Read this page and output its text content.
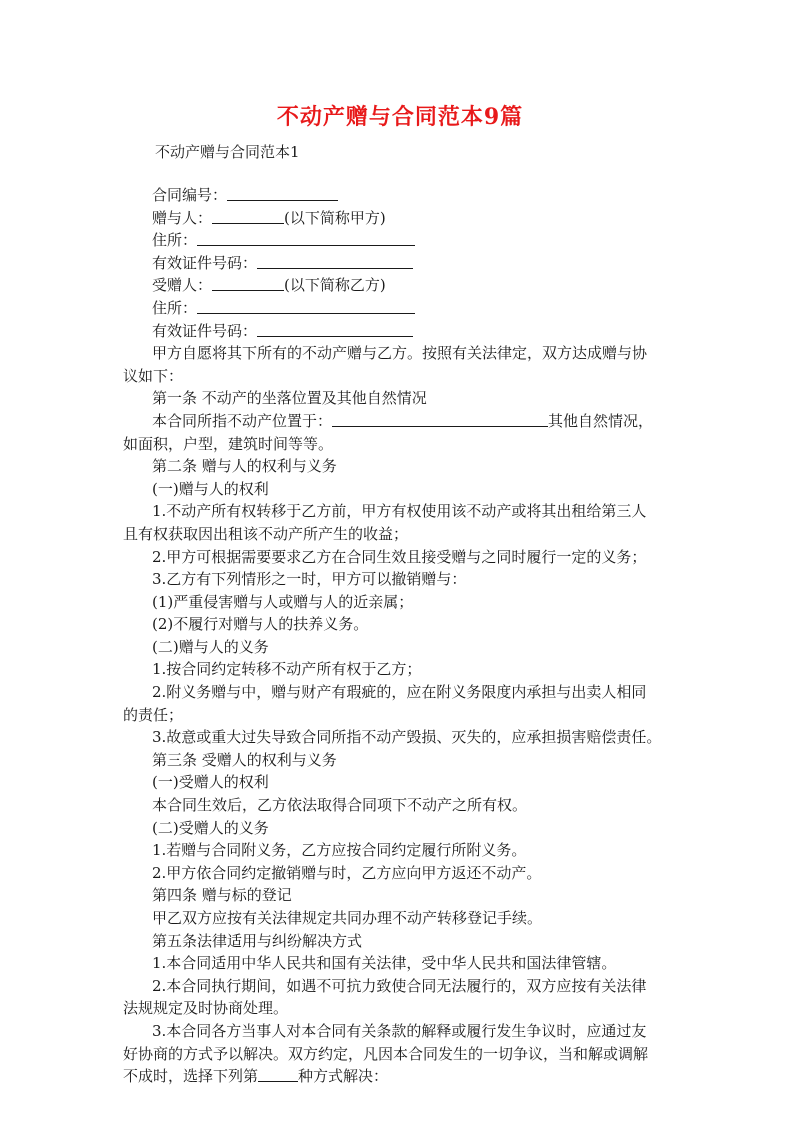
不动产赠与合同范本9篇
不动产赠与合同范本1
合同编号：
赠与人：	(以下简称甲方)
住所：
有效证件号码：
受赠人：	(以下简称乙方)
住所：
有效证件号码：
甲方自愿将其下所有的不动产赠与乙方。按照有关法律定，双方达成赠与协
议如下：
第一条 不动产的坐落位置及其他自然情况
本合同所指不动产位置于：	其他自然情况，
如面积，户型，建筑时间等等。
第二条 赠与人的权利与义务
(一)赠与人的权利
1.不动产所有权转移于乙方前，甲方有权使用该不动产或将其出租给第三人
且有权获取因出租该不动产所产生的收益；
2.甲方可根据需要要求乙方在合同生效且接受赠与之同时履行一定的义务；
3.乙方有下列情形之一时，甲方可以撤销赠与：
(1)严重侵害赠与人或赠与人的近亲属；
(2)不履行对赠与人的扶养义务。
(二)赠与人的义务
1.按合同约定转移不动产所有权于乙方；
2.附义务赠与中，赠与财产有瑕疵的，应在附义务限度内承担与出卖人相同
的责任；
3.故意或重大过失导致合同所指不动产毁损、灭失的，应承担损害赔偿责任。
第三条 受赠人的权利与义务
(一)受赠人的权利
本合同生效后，乙方依法取得合同项下不动产之所有权。
(二)受赠人的义务
1.若赠与合同附义务，乙方应按合同约定履行所附义务。
2.甲方依合同约定撤销赠与时，乙方应向甲方返还不动产。
第四条 赠与标的登记
甲乙双方应按有关法律规定共同办理不动产转移登记手续。
第五条法律适用与纠纷解决方式
1.本合同适用中华人民共和国有关法律，受中华人民共和国法律管辖。
2.本合同执行期间，如遇不可抗力致使合同无法履行的，双方应按有关法律
法规规定及时协商处理。
3.本合同各方当事人对本合同有关条款的解释或履行发生争议时，应通过友
好协商的方式予以解决。双方约定，凡因本合同发生的一切争议，当和解或调解
不成时，选择下列第	种方式解决：
